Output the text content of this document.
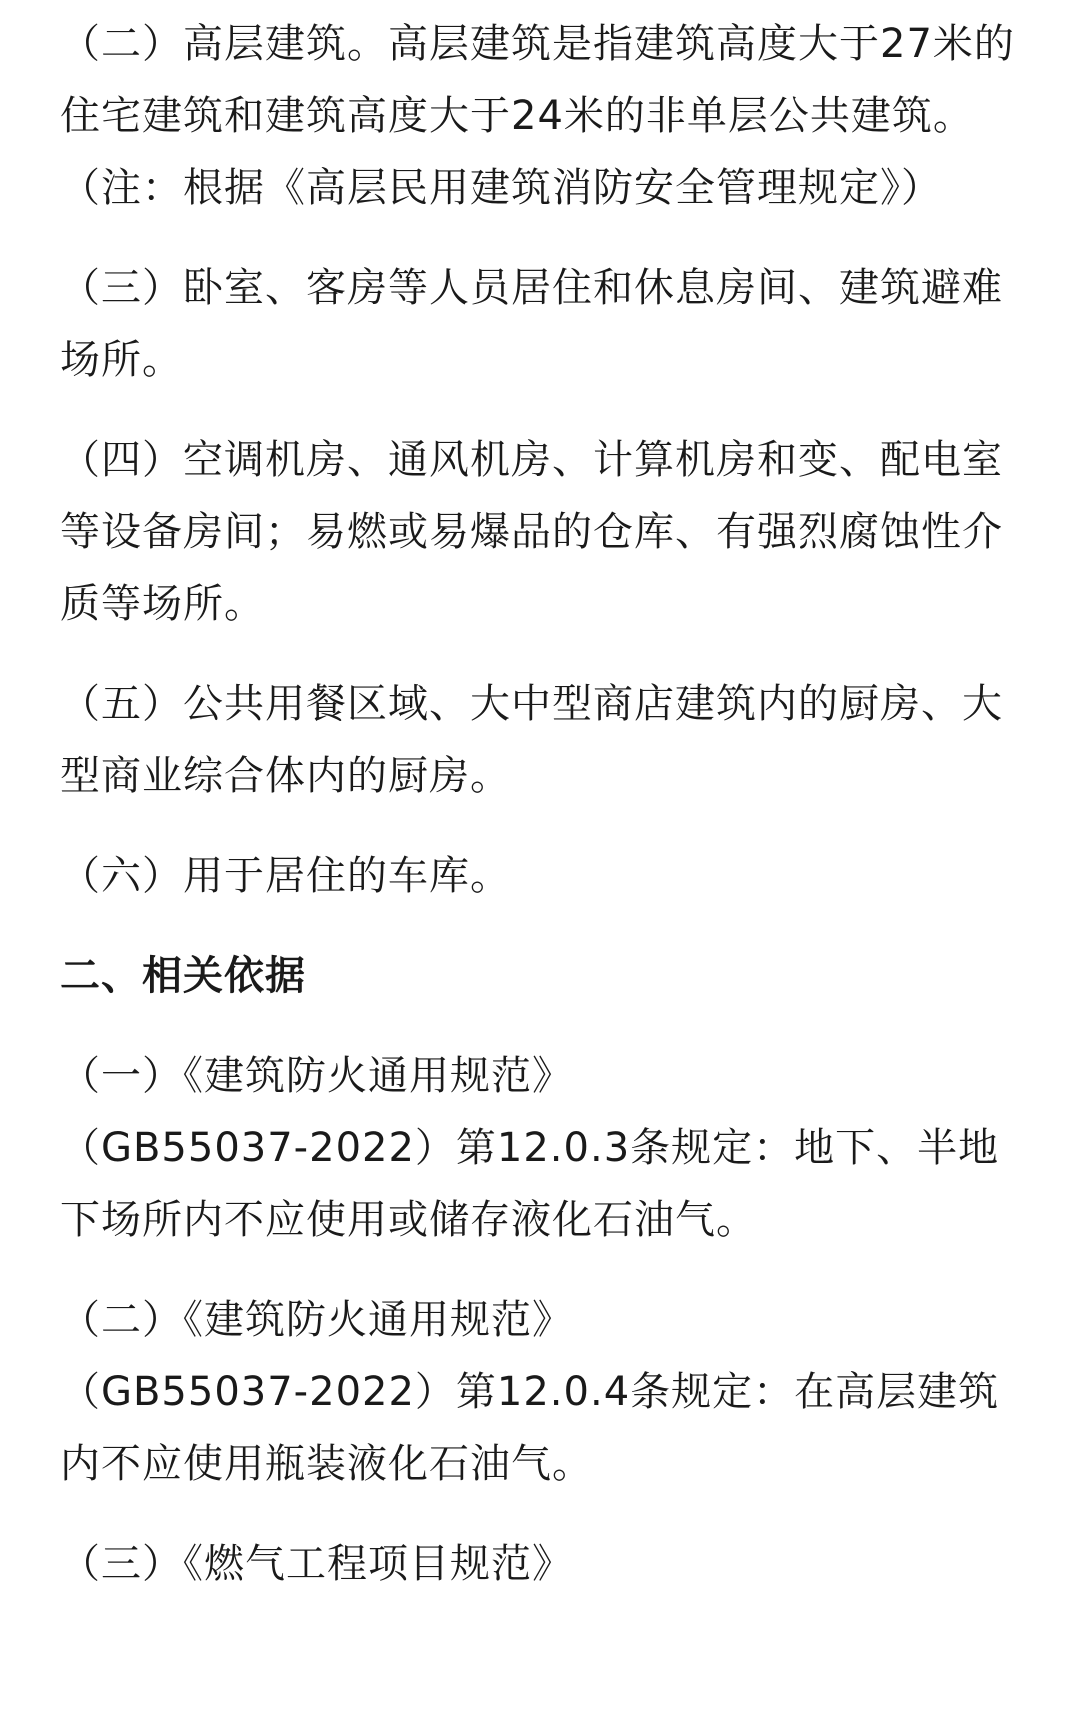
（二）高层建筑。高层建筑是指建筑高度大于27米的住宅建筑和建筑高度大于24米的非单层公共建筑。（注：根据《高层民用建筑消防安全管理规定》）

（三）卧室、客房等人员居住和休息房间、建筑避难场所。

（四）空调机房、通风机房、计算机房和变、配电室等设备房间；易燃或易爆品的仓库、有强烈腐蚀性介质等场所。

（五）公共用餐区域、大中型商店建筑内的厨房、大型商业综合体内的厨房。

（六）用于居住的车库。

二、相关依据

（一）《建筑防火通用规范》

（GB55037-2022）第12.0.3条规定：地下、半地下场所内不应使用或储存液化石油气。

（二）《建筑防火通用规范》

（GB55037-2022）第12.0.4条规定：在高层建筑内不应使用瓶装液化石油气。

（三）《燃气工程项目规范》
